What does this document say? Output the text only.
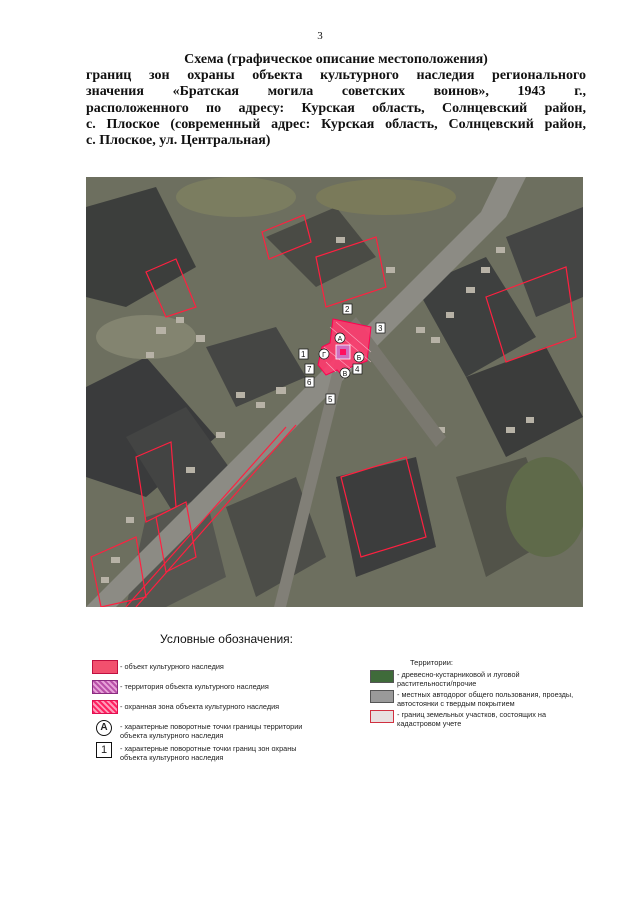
3
Схема (графическое описание местоположения)
границ зон охраны объекта культурного наследия регионального
значения «Братская могила советских воинов», 1943 г.,
расположенного по адресу: Курская область, Солнцевский район,
с. Плоское (современный адрес: Курская область, Солнцевский район,
с. Плоское, ул. Центральная)
1
2
3
4
5
6
7
А
Б
В
Г
Условные обозначения:
- объект культурного наследия
- территория объекта культурного наследия
- охранная зона объекта культурного наследия
А	- характерные поворотные точки границы территории объекта культурного наследия
1	- характерные поворотные точки границ зон охраны объекта культурного наследия
Территории:
- древесно-кустарниковой и луговой растительности/прочие
- местных автодорог общего пользования, проезды, автостоянки с твердым покрытием
- границ земельных участков, состоящих на кадастровом учете
